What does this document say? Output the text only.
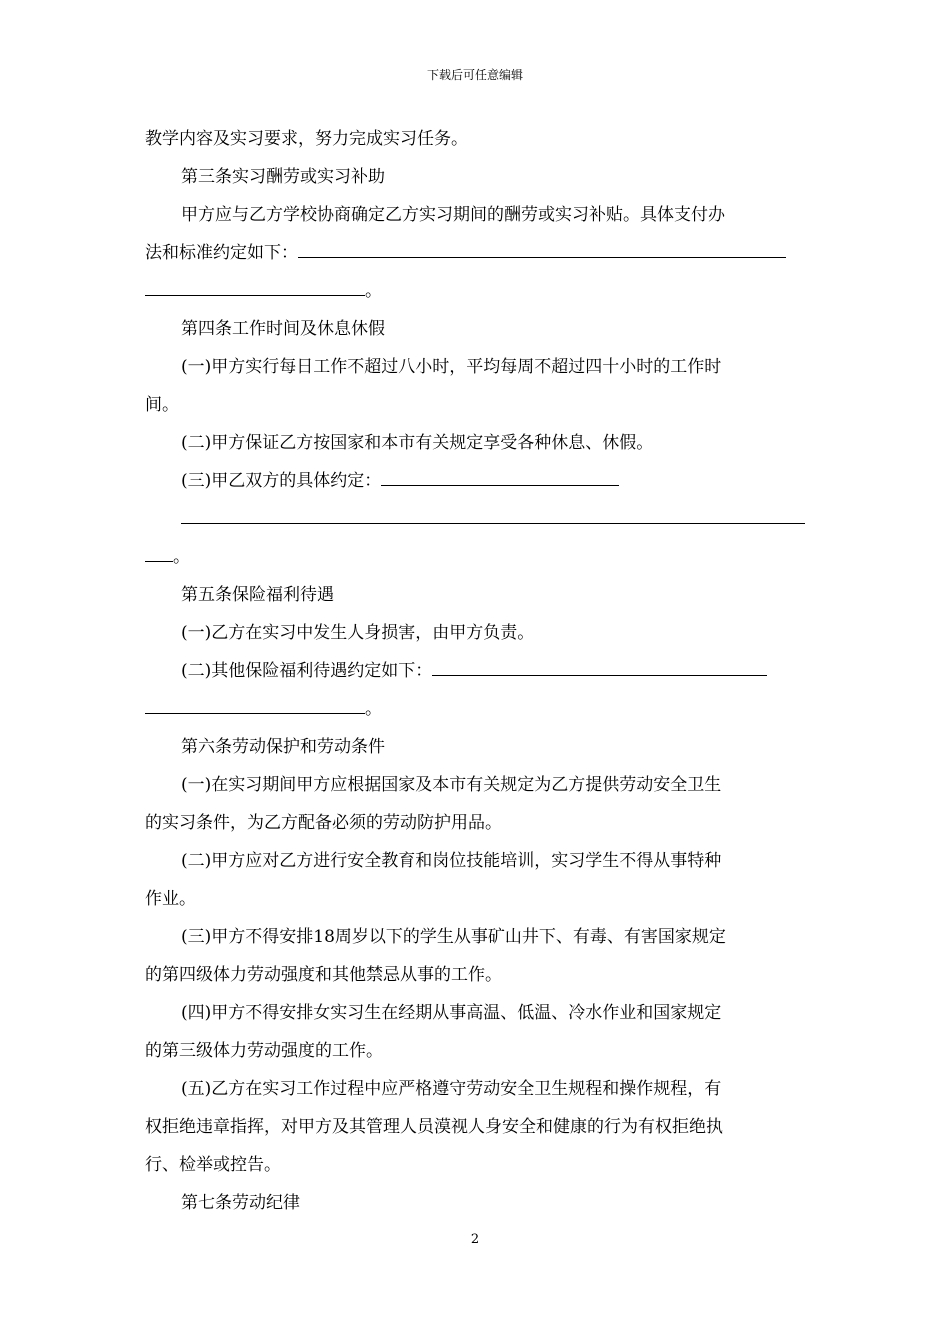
下载后可任意编辑
教学内容及实习要求，努力完成实习任务。
第三条实习酬劳或实习补助
甲方应与乙方学校协商确定乙方实习期间的酬劳或实习补贴。具体支付办
法和标准约定如下：
。
第四条工作时间及休息休假
(一)甲方实行每日工作不超过八小时，平均每周不超过四十小时的工作时
间。
(二)甲方保证乙方按国家和本市有关规定享受各种休息、休假。
(三)甲乙双方的具体约定：
。
第五条保险福利待遇
(一)乙方在实习中发生人身损害，由甲方负责。
(二)其他保险福利待遇约定如下：
。
第六条劳动保护和劳动条件
(一)在实习期间甲方应根据国家及本市有关规定为乙方提供劳动安全卫生
的实习条件，为乙方配备必须的劳动防护用品。
(二)甲方应对乙方进行安全教育和岗位技能培训，实习学生不得从事特种
作业。
(三)甲方不得安排18周岁以下的学生从事矿山井下、有毒、有害国家规定
的第四级体力劳动强度和其他禁忌从事的工作。
(四)甲方不得安排女实习生在经期从事高温、低温、冷水作业和国家规定
的第三级体力劳动强度的工作。
(五)乙方在实习工作过程中应严格遵守劳动安全卫生规程和操作规程，有
权拒绝违章指挥，对甲方及其管理人员漠视人身安全和健康的行为有权拒绝执
行、检举或控告。
第七条劳动纪律
2
